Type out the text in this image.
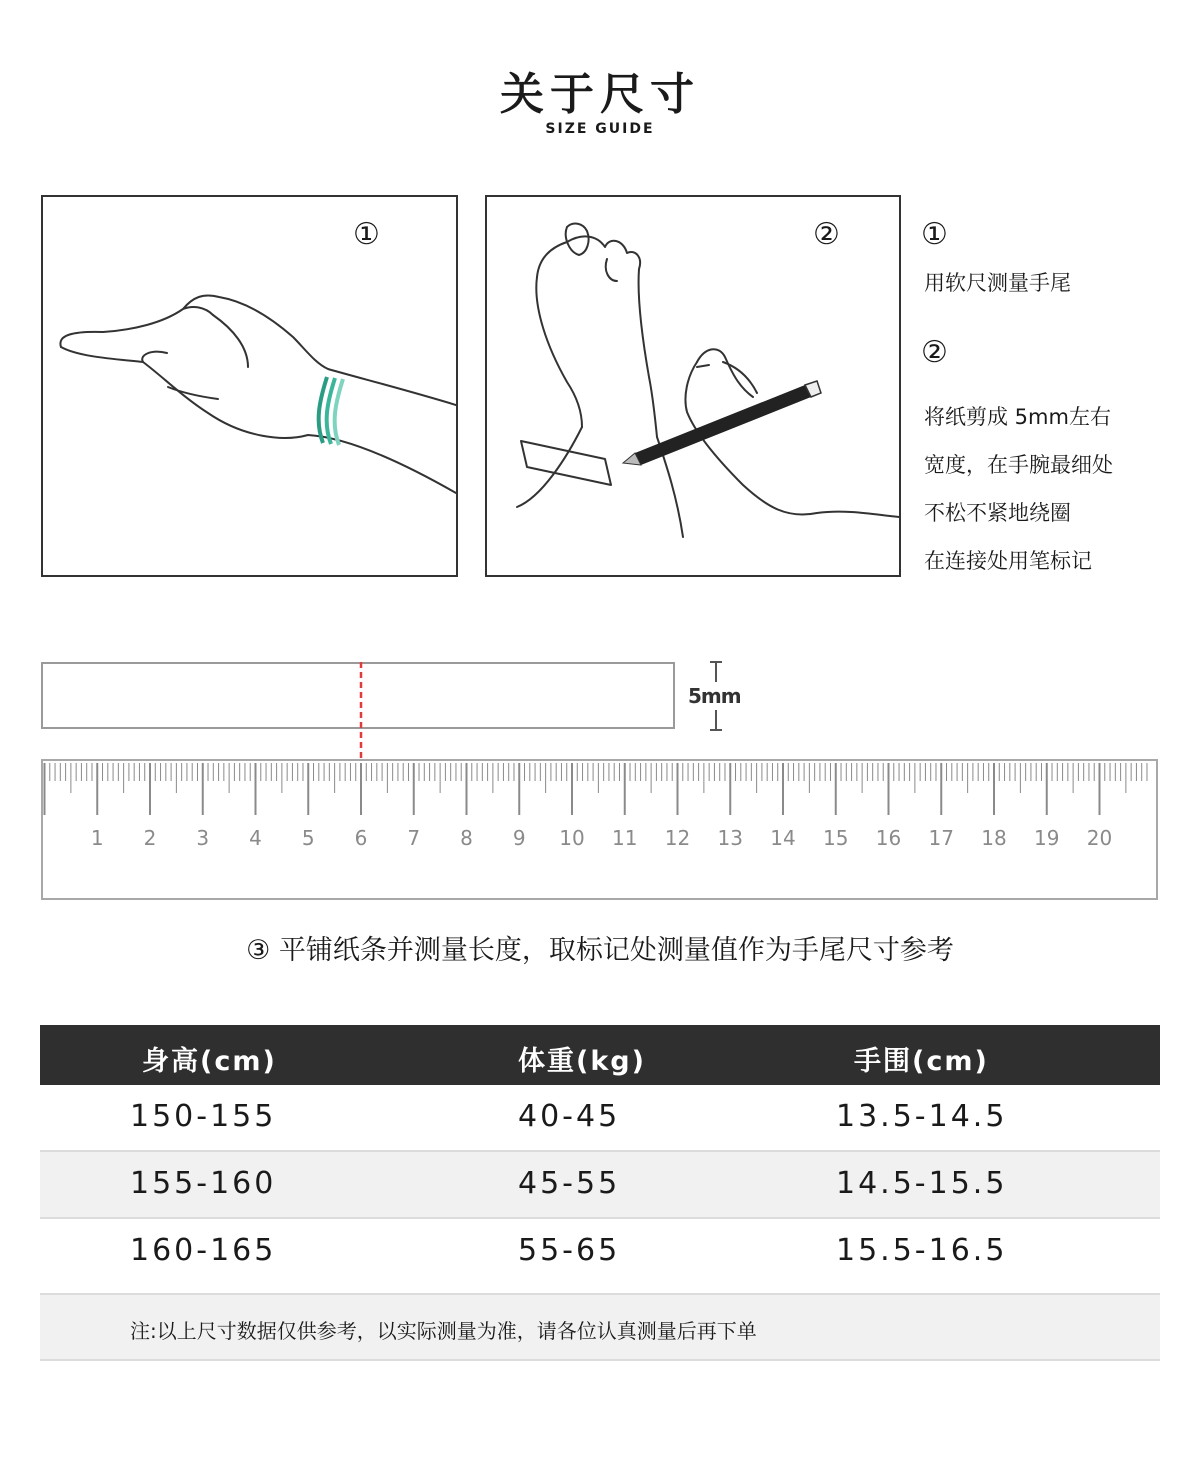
关于尺寸
SIZE GUIDE
①	②	①
用软尺测量手尾
②
将纸剪成 5mm左右
宽度，在手腕最细处
不松不紧地绕圈
在连接处用笔标记
5mm
1 2 3 4 5 6 7 8 9 10 11 12 13 14 15 16 17 18 19 20
③ 平铺纸条并测量长度，取标记处测量值作为手尾尺寸参考
身高(cm)	体重(kg)	手围(cm)
150-155	40-45	13.5-14.5
155-160	45-55	14.5-15.5
160-165	55-65	15.5-16.5
注:以上尺寸数据仅供参考，以实际测量为准，请各位认真测量后再下单
